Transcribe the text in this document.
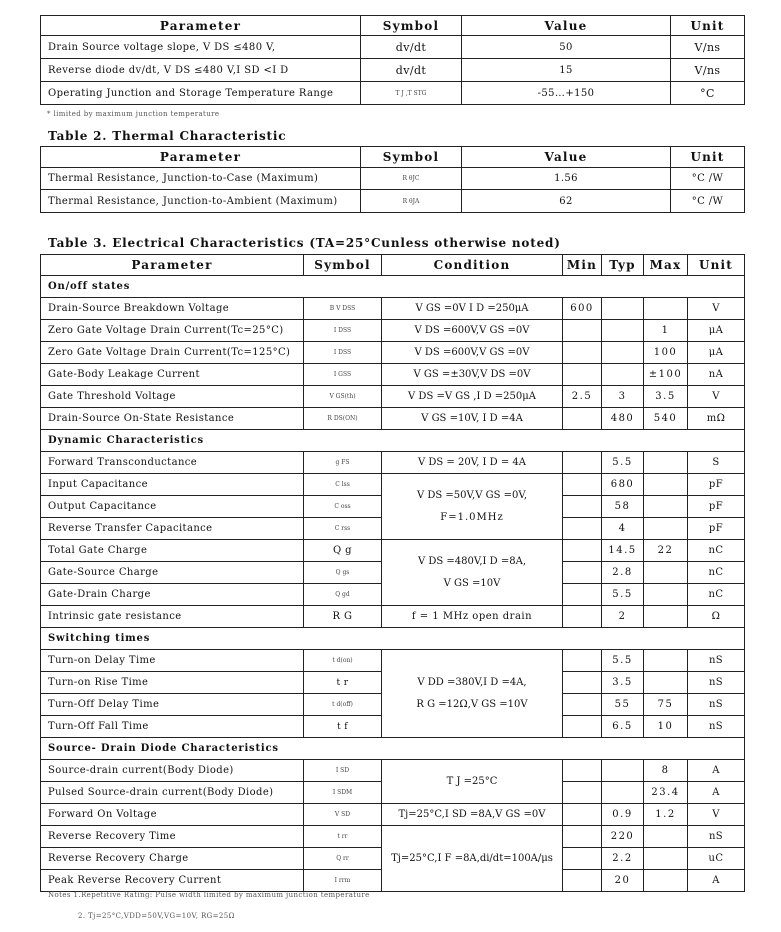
Parameter	Symbol	Value	Unit
Drain Source voltage slope, V DS ≤480 V,	dv/dt	50	V/ns
Reverse diode dv/dt, V DS ≤480 V,I SD <I D	dv/dt	15	V/ns
Operating Junction and Storage Temperature Range	T J ,T STG	-55…+150	°C
* limited by maximum junction temperature
Table 2. Thermal Characteristic
Parameter	Symbol	Value	Unit
Thermal Resistance, Junction-to-Case (Maximum)	R θJC	1.56	°C /W
Thermal Resistance, Junction-to-Ambient (Maximum)	R θJA	62	°C /W
Table 3. Electrical Characteristics (TA=25°Cunless otherwise noted)
Parameter	Symbol	Condition	Min	Typ	Max	Unit
On/off states						
Drain-Source Breakdown Voltage	B V DSS	V GS =0V I D =250μA	600			V
Zero Gate Voltage Drain Current(Tc=25°C)	I DSS	V DS =600V,V GS =0V			1	μA
Zero Gate Voltage Drain Current(Tc=125°C)	I DSS	V DS =600V,V GS =0V			100	μA
Gate-Body Leakage Current	I GSS	V GS =±30V,V DS =0V			±100	nA
Gate Threshold Voltage	V GS(th)	V DS =V GS ,I D =250μA	2.5	3	3.5	V
Drain-Source On-State Resistance	R DS(ON)	V GS =10V, I D =4A		480	540	mΩ
Dynamic Characteristics						
Forward Transconductance	g FS	V DS = 20V, I D = 4A		5.5		S
Input Capacitance	C lss	V DS =50V,V GS =0V,
F=1.0MHz		680		pF
Output Capacitance	C oss			58		pF
Reverse Transfer Capacitance	C rss			4		pF
Total Gate Charge	Q g	V DS =480V,I D =8A,
V GS =10V		14.5	22	nC
Gate-Source Charge	Q gs			2.8		nC
Gate-Drain Charge	Q gd			5.5		nC
Intrinsic gate resistance	R G	f = 1 MHz open drain		2		Ω
Switching times						
Turn-on Delay Time	t d(on)	V DD =380V,I D =4A,
R G =12Ω,V GS =10V		5.5		nS
Turn-on Rise Time	t r			3.5		nS
Turn-Off Delay Time	t d(off)			55	75	nS
Turn-Off Fall Time	t f			6.5	10	nS
Source- Drain Diode Characteristics						
Source-drain current(Body Diode)	I SD	T J =25°C			8	A
Pulsed Source-drain current(Body Diode)	I SDM				23.4	A
Forward On Voltage	V SD	Tj=25°C,I SD =8A,V GS =0V		0.9	1.2	V
Reverse Recovery Time	t rr	Tj=25°C,I F =8A,di/dt=100A/μs		220		nS
Reverse Recovery Charge	Q rr			2.2		uC
Peak Reverse Recovery Current	I rrm			20		A
Notes 1.Repetitive Rating: Pulse width limited by maximum junction temperature
2. Tj=25°C,VDD=50V,VG=10V, RG=25Ω
